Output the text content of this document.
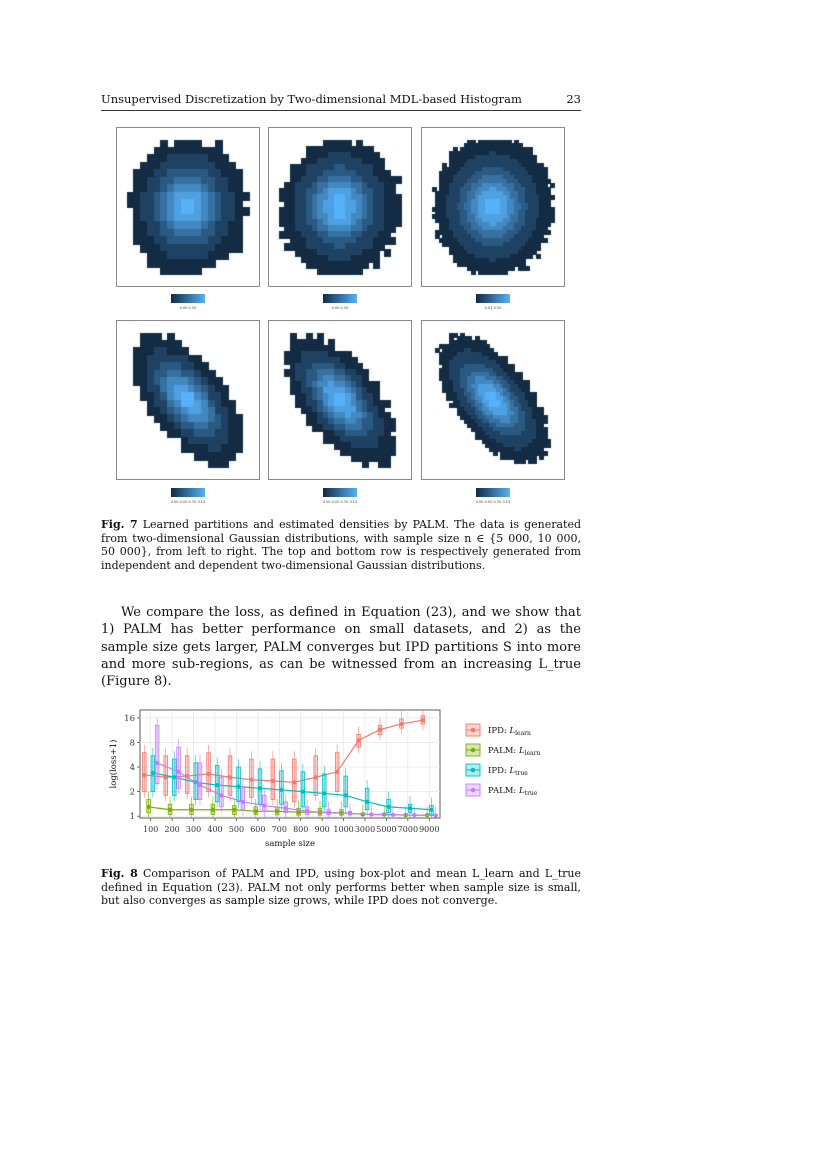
Unsupervised Discretization by Two-dimensional MDL-based Histogram	23
0.00 0.10	0.00 0.10	0.01 0.10
0.00 0.05 0.10 0.15	0.00 0.05 0.10 0.15	0.00 0.05 0.10 0.15
Fig. 7 Learned partitions and estimated densities by PALM. The data is generated from two-dimensional Gaussian distributions, with sample size n ∈ {5 000, 10 000, 50 000}, from left to right. The top and bottom row is respectively generated from independent and dependent two-dimensional Gaussian distributions.

We compare the loss, as defined in Equation (23), and we show that 1) PALM has better performance on small datasets, and 2) as the sample size gets larger, PALM converges but IPD partitions S into more and more sub-regions, as can be witnessed from an increasing L_true (Figure 8).

1
2
4
8
16
100 200 300 400 500 600 700 800 900 1000 3000 5000 7000 9000
sample size
log(loss+1)
IPD: $L_{learn}$
PALM: $L_{learn}$
IPD: $L_{true}$
PALM: $L_{true}$
Fig. 8 Comparison of PALM and IPD, using box-plot and mean L_learn and L_true defined in Equation (23). PALM not only performs better when sample size is small, but also converges as sample size grows, while IPD does not converge.
